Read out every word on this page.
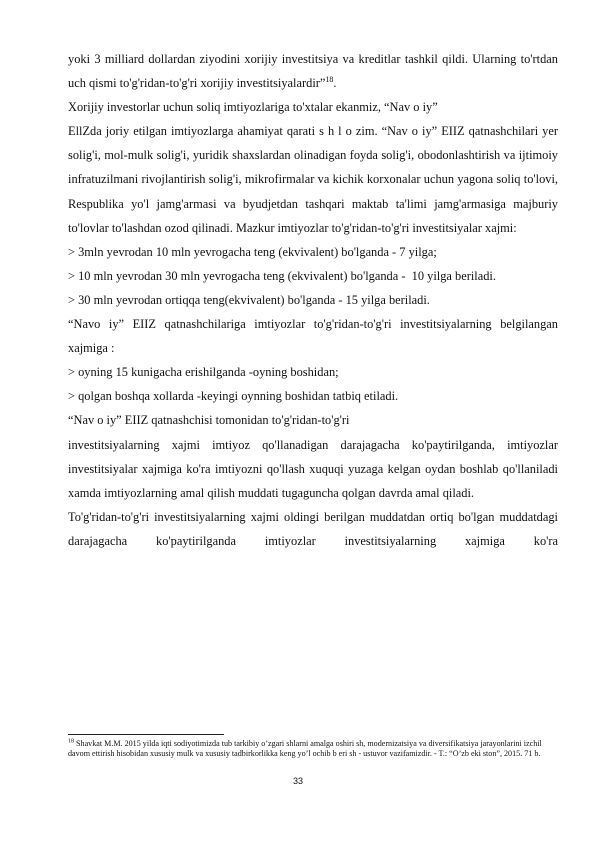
yoki 3 milliard dollardan ziyodini xorijiy investitsiya va kreditlar tashkil qildi. Ularning to'rtdan uch qismi to'g'ridan-to'g'ri xorijiy investitsiyalardir”$^{18}$.

Xorijiy investorlar uchun soliq imtiyozlariga to'xtalar ekanmiz, “Nav o iy”

EllZda joriy etilgan imtiyozlarga ahamiyat qarati s h l o zim. “Nav o iy” EIIZ qatnashchilari yer solig'i, mol-mulk solig'i, yuridik shaxslardan olinadigan foyda solig'i, obodonlashtirish va ijtimoiy infratuzilmani rivojlantirish solig'i, mikrofirmalar va kichik korxonalar uchun yagona soliq to'lovi, Respublika yo'l jamg'armasi va byudjetdan tashqari maktab ta'limi jamg'armasiga majburiy to'lovlar to'lashdan ozod qilinadi. Mazkur imtiyozlar to'g'ridan-to'g'ri investitsiyalar xajmi:

> 3mln yevrodan 10 mln yevrogacha teng (ekvivalent) bo'lganda - 7 yilga;

> 10 mln yevrodan 30 mln yevrogacha teng (ekvivalent) bo'lganda -  10 yilga beriladi.

> 30 mln yevrodan ortiqqa teng(ekvivalent) bo'lganda - 15 yilga beriladi.

“Navo iy” EIIZ qatnashchilariga imtiyozlar to'g'ridan-to'g'ri investitsiyalarning belgilangan xajmiga :

> oyning 15 kunigacha erishilganda -oyning boshidan;

> qolgan boshqa xollarda -keyingi oynning boshidan tatbiq etiladi.

“Nav o iy” EIIZ qatnashchisi tomonidan to'g'ridan-to'g'ri

investitsiyalarning xajmi imtiyoz qo'llanadigan darajagacha ko'paytirilganda, imtiyozlar investitsiyalar xajmiga ko'ra imtiyozni qo'llash xuquqi yuzaga kelgan oydan boshlab qo'llaniladi xamda imtiyozlarning amal qilish muddati tugaguncha qolgan davrda amal qiladi.

To'g'ridan-to'g'ri investitsiyalarning xajmi oldingi berilgan muddatdan ortiq bo'lgan muddatdagi darajagacha ko'paytirilganda imtiyozlar investitsiyalarning xajmiga ko'ra

$^{18}$ Shavkat M.M. 2015 yilda iqti sodiyotimizda tub tarkibiy o’zgari shlarni amalga oshiri sh, modernizatsiya va diversifikatsiya jarayonlarini izchil davom ettirish hisobidan xususiy mulk va xususiy tadbirkorlikka keng yo’l ochib b eri sh - ustuvor vazifamizdir. - T.: “O’zb eki ston”, 2015. 71 b.
33
